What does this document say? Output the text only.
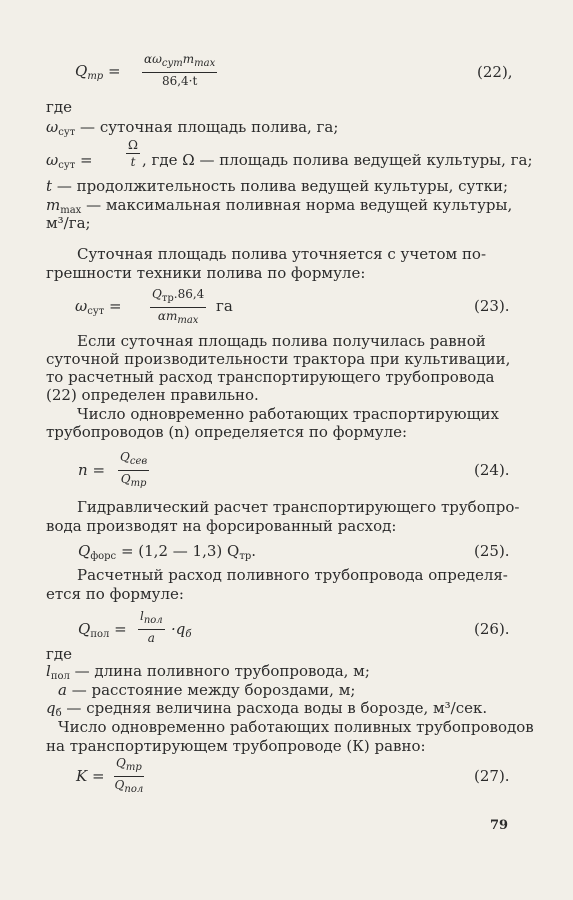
$Q_{тр}$ =
$\alpha\omega_{сут}m_{max}$
86,4·t	(22),
где
$\omega_{сут}$ — суточная площадь полива, га;
$\omega_{сут}$ =	$\frac{\Omega}{t}$ , где Ω — площадь полива ведущей культуры, га;
t — продолжительность полива ведущей культуры, сутки;
$m_{max}$ — максимальная поливная норма ведущей культуры,
м³/га;
Суточная площадь полива уточняется с учетом по-
грешности техники полива по формуле:
$\omega_{сут}$ =
$Q_{тр}.86,4$
$\alpha m_{max}$
га	(23).
Если суточная площадь полива получилась равной
суточной производительности трактора при культивации,
то расчетный расход транспортирующего трубопровода
(22) определен правильно.
Число одновременно работающих траспортирующих
трубопроводов (n) определяется по формуле:
n =
$Q_{сев}$
$Q_{тр}$
(24).
Гидравлический расчет транспортирующего трубопро-
вода производят на форсированный расход:
$Q_{форс} = (1,2$ — 1,3) $Q_{тр}$.	(25).
Расчетный расход поливного трубопровода определя-
ется по формуле:
$Q_{пол}$ =
$l_{пол}$
a	$\cdot q_б$	(26).
где
$l_{пол}$ — длина поливного трубопровода, м;
a — расстояние между бороздами, м;
$q_б$ — средняя величина расхода воды в борозде, м³/сек.
Число одновременно работающих поливных трубопроводов
на транспортирующем трубопроводе (К) равно:
K =
$Q_{тр}$
$Q_{пол}$
(27).
79
